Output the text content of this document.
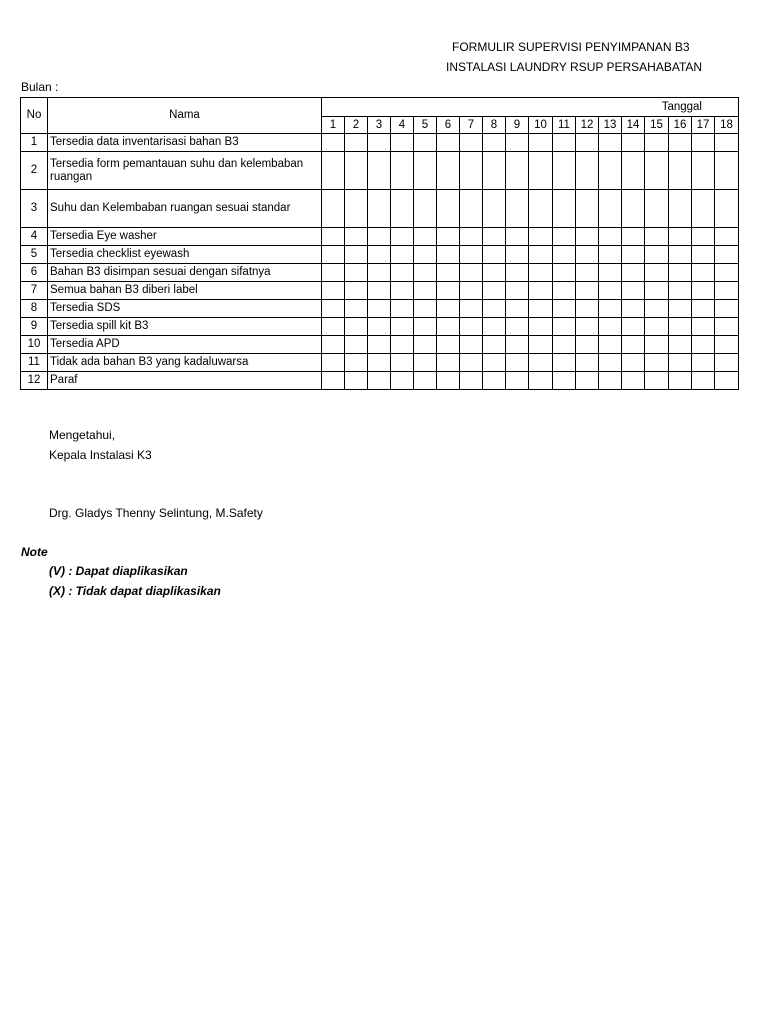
FORMULIR SUPERVISI PENYIMPANAN B3
INSTALASI LAUNDRY RSUP PERSAHABATAN
Bulan :
No	Nama	Tanggal																	
		1	2	3	4	5	6	7	8	9	10	11	12	13	14	15	16	17	18
1	Tersedia data inventarisasi bahan B3																		
2	Tersedia form pemantauan suhu dan kelembaban ruangan																		
3	Suhu dan Kelembaban ruangan sesuai standar																		
4	Tersedia Eye washer																		
5	Tersedia checklist eyewash																		
6	Bahan B3 disimpan sesuai dengan sifatnya																		
7	Semua bahan B3 diberi label																		
8	Tersedia SDS																		
9	Tersedia spill kit B3																		
10	Tersedia APD																		
11	Tidak ada bahan B3 yang kadaluwarsa																		
12	Paraf																		
Mengetahui,
Kepala Instalasi K3
Drg. Gladys Thenny Selintung, M.Safety
Note
(V) : Dapat diaplikasikan
(X) : Tidak dapat diaplikasikan
